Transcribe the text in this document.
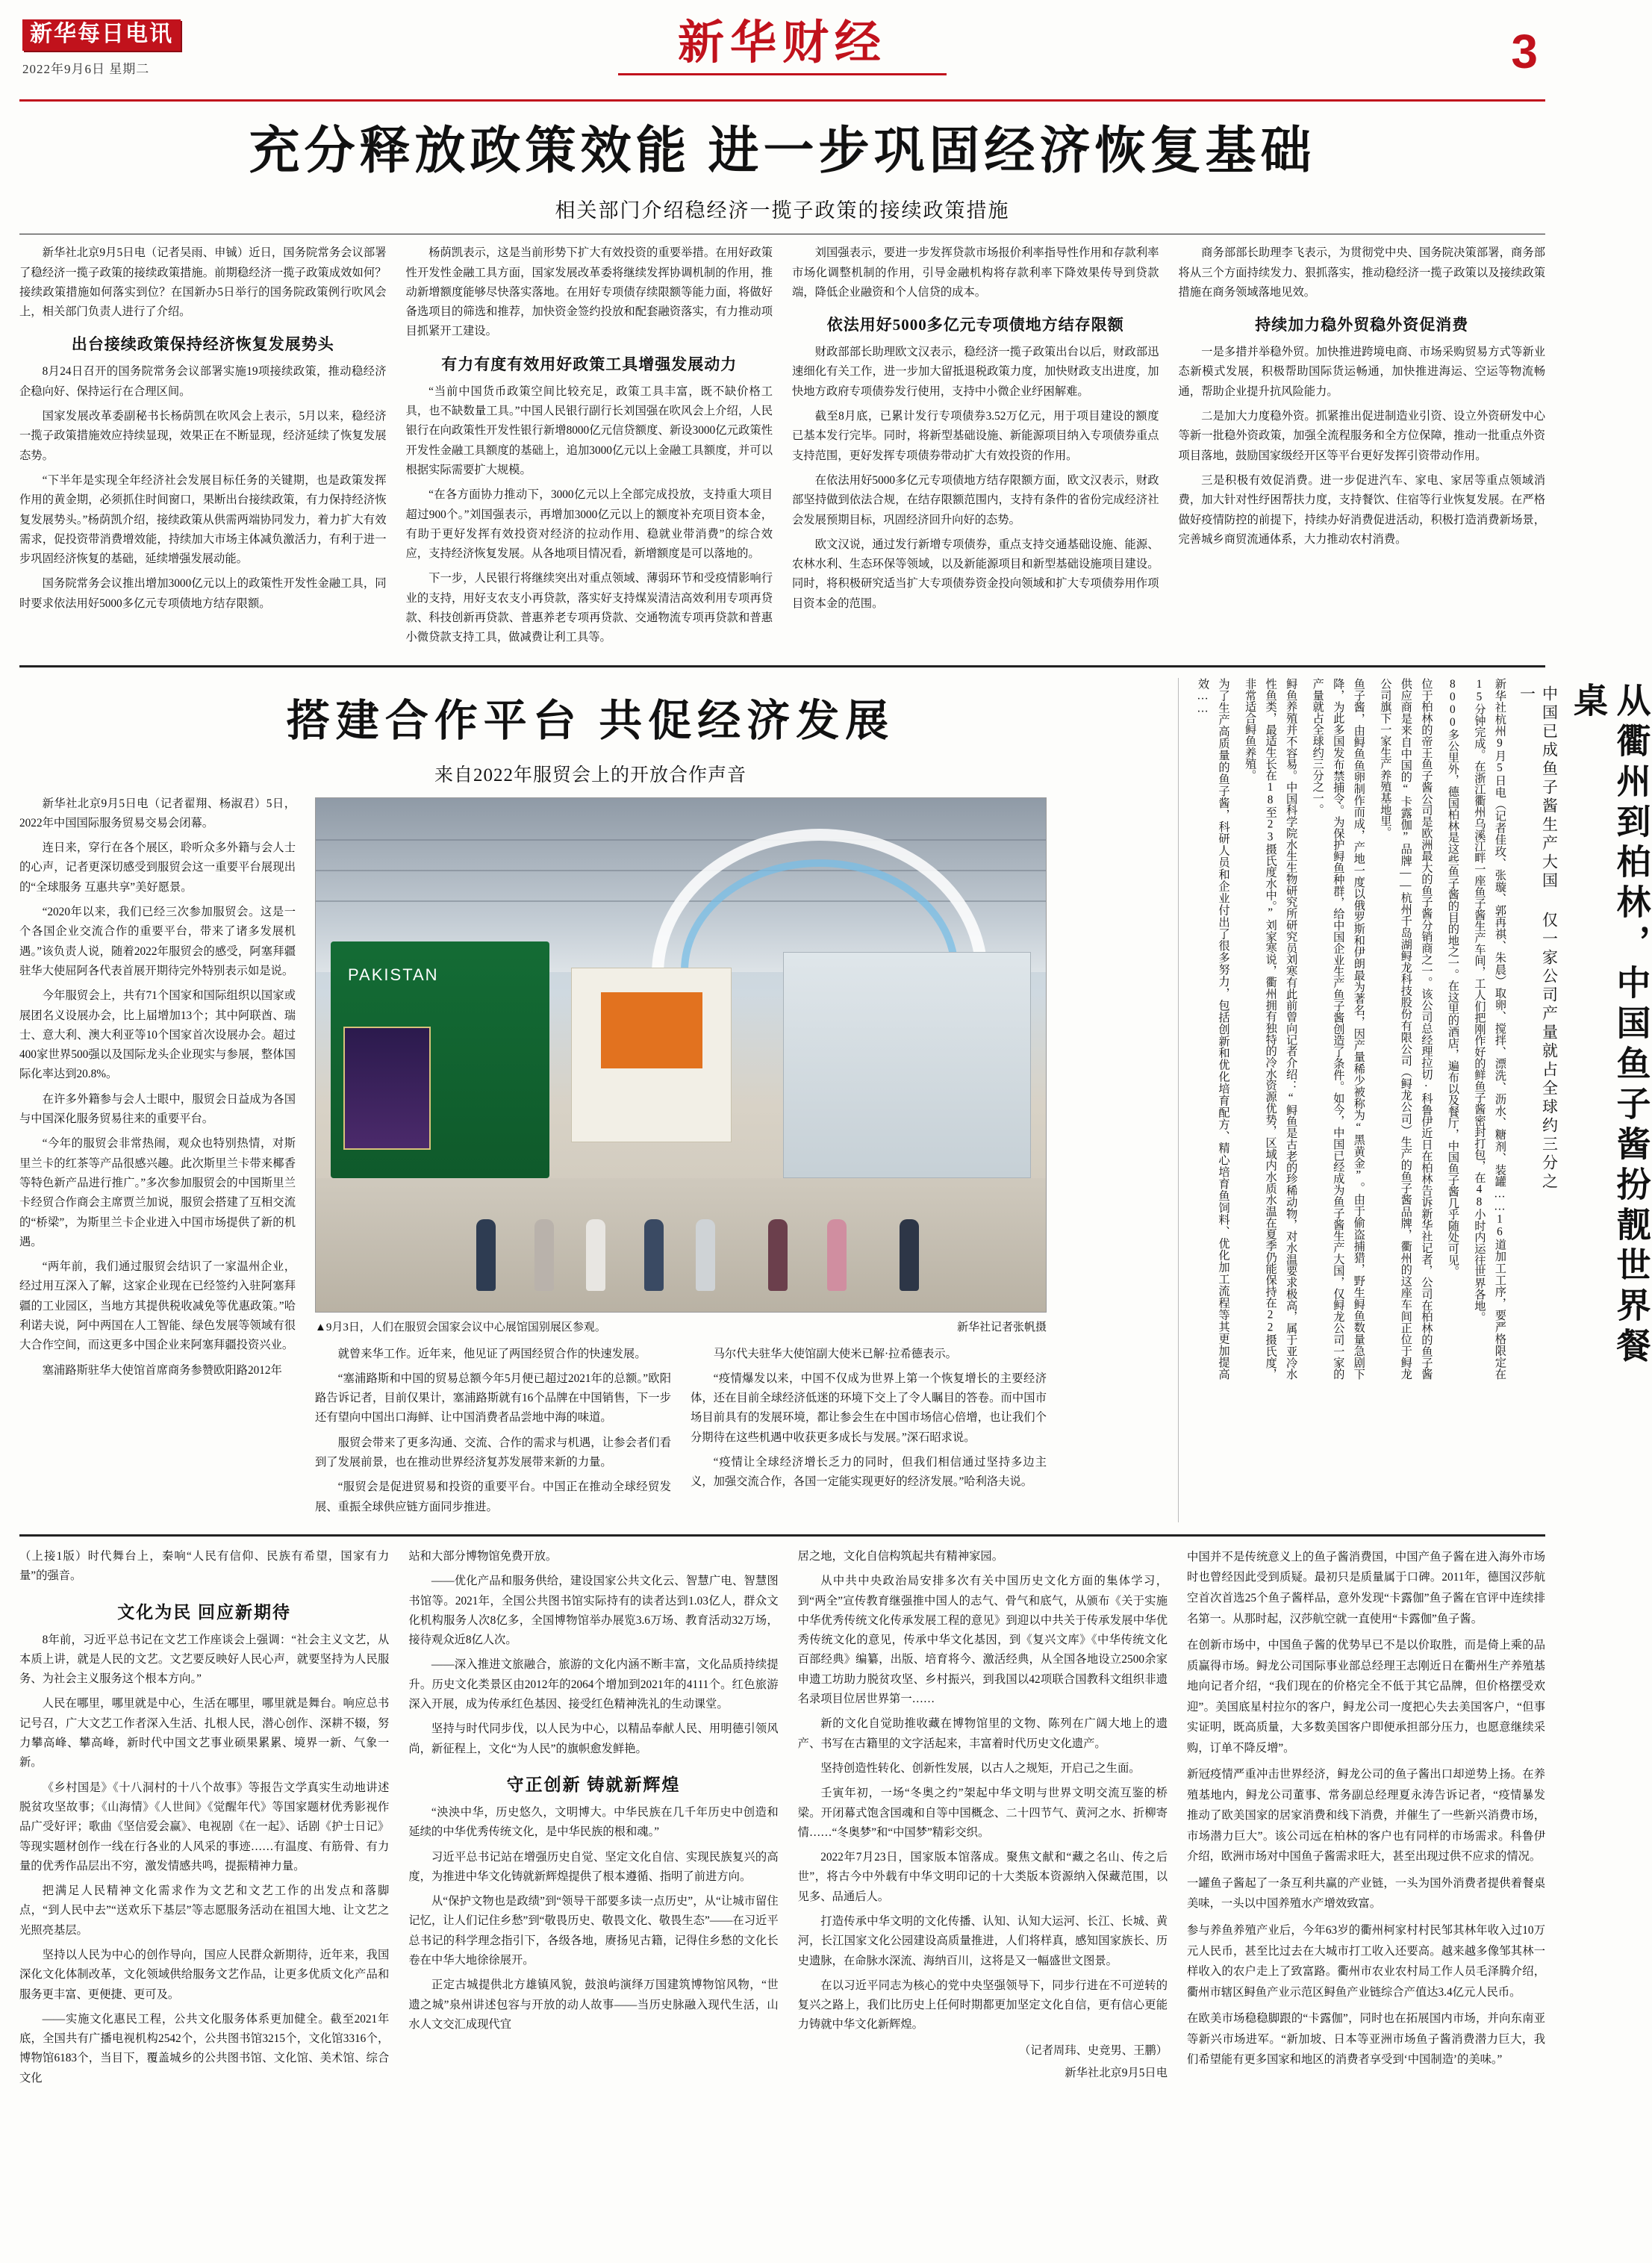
新华每日电讯
2022年9月6日 星期二	新华财经	3
充分释放政策效能 进一步巩固经济恢复基础
相关部门介绍稳经济一揽子政策的接续政策措施

新华社北京9月5日电（记者吴雨、申铖）近日，国务院常务会议部署了稳经济一揽子政策的接续政策措施。前期稳经济一揽子政策成效如何？接续政策措施如何落实到位？在国新办5日举行的国务院政策例行吹风会上，相关部门负责人进行了介绍。

出台接续政策保持经济恢复发展势头

8月24日召开的国务院常务会议部署实施19项接续政策，推动稳经济企稳向好、保持运行在合理区间。

国家发展改革委副秘书长杨荫凯在吹风会上表示，5月以来，稳经济一揽子政策措施效应持续显现，效果正在不断显现，经济延续了恢复发展态势。

“下半年是实现全年经济社会发展目标任务的关键期，也是政策发挥作用的黄金期，必须抓住时间窗口，果断出台接续政策，有力保持经济恢复发展势头。”杨荫凯介绍，接续政策从供需两端协同发力，着力扩大有效需求，促投资带消费增效能，持续加大市场主体减负激活力，有利于进一步巩固经济恢复的基础，延续增强发展动能。

国务院常务会议推出增加3000亿元以上的政策性开发性金融工具，同时要求依法用好5000多亿元专项债地方结存限额。

杨荫凯表示，这是当前形势下扩大有效投资的重要举措。在用好政策性开发性金融工具方面，国家发展改革委将继续发挥协调机制的作用，推动新增额度能够尽快落实落地。在用好专项债存续限额等能力面，将做好备选项目的筛选和推荐，加快资金签约投放和配套融资落实，有力推动项目抓紧开工建设。

有力有度有效用好政策工具增强发展动力

“当前中国货币政策空间比较充足，政策工具丰富，既不缺价格工具，也不缺数量工具。”中国人民银行副行长刘国强在吹风会上介绍，人民银行在向政策性开发性银行新增8000亿元信贷额度、新设3000亿元政策性开发性金融工具额度的基础上，追加3000亿元以上金融工具额度，并可以根据实际需要扩大规模。

“在各方面协力推动下，3000亿元以上全部完成投放，支持重大项目超过900个。”刘国强表示，再增加3000亿元以上的额度补充项目资本金，有助于更好发挥有效投资对经济的拉动作用、稳就业带消费”的综合效应，支持经济恢复发展。从各地项目情况看，新增额度是可以落地的。

下一步，人民银行将继续突出对重点领域、薄弱环节和受疫情影响行业的支持，用好支农支小再贷款，落实好支持煤炭清洁高效利用专项再贷款、科技创新再贷款、普惠养老专项再贷款、交通物流专项再贷款和普惠小微贷款支持工具，做减费让利工具等。

刘国强表示，要进一步发挥贷款市场报价利率指导性作用和存款利率市场化调整机制的作用，引导金融机构将存款利率下降效果传导到贷款端，降低企业融资和个人信贷的成本。

依法用好5000多亿元专项债地方结存限额

财政部部长助理欧文汉表示，稳经济一揽子政策出台以后，财政部迅速细化有关工作，进一步加大留抵退税政策力度，加快财政支出进度，加快地方政府专项债券发行使用，支持中小微企业纾困解难。

截至8月底，已累计发行专项债券3.52万亿元，用于项目建设的额度已基本发行完毕。同时，将新型基础设施、新能源项目纳入专项债券重点支持范围，更好发挥专项债券带动扩大有效投资的作用。

在依法用好5000多亿元专项债地方结存限额方面，欧文汉表示，财政部坚持做到依法合规，在结存限额范围内，支持有条件的省份完成经济社会发展预期目标，巩固经济回升向好的态势。

欧文汉说，通过发行新增专项债券，重点支持交通基础设施、能源、农林水利、生态环保等领域，以及新能源项目和新型基础设施项目建设。同时，将积极研究适当扩大专项债券资金投向领域和扩大专项债券用作项目资本金的范围。

商务部部长助理李飞表示，为贯彻党中央、国务院决策部署，商务部将从三个方面持续发力、狠抓落实，推动稳经济一揽子政策以及接续政策措施在商务领域落地见效。

持续加力稳外贸稳外资促消费

一是多措并举稳外贸。加快推进跨境电商、市场采购贸易方式等新业态新模式发展，积极帮助国际货运畅通，加快推进海运、空运等物流畅通，帮助企业提升抗风险能力。

二是加大力度稳外资。抓紧推出促进制造业引资、设立外资研发中心等新一批稳外资政策，加强全流程服务和全方位保障，推动一批重点外资项目落地，鼓励国家级经开区等平台更好发挥引资带动作用。

三是积极有效促消费。进一步促进汽车、家电、家居等重点领域消费，加大针对性纾困帮扶力度，支持餐饮、住宿等行业恢复发展。在严格做好疫情防控的前提下，持续办好消费促进活动，积极打造消费新场景，完善城乡商贸流通体系，大力推动农村消费。

搭建合作平台 共促经济发展
来自2022年服贸会上的开放合作声音

新华社北京9月5日电（记者翟翔、杨淑君）5日，2022年中国国际服务贸易交易会闭幕。

连日来，穿行在各个展区，聆听众多外籍与会人士的心声，记者更深切感受到服贸会这一重要平台展现出的“全球服务 互惠共享”美好愿景。

“2020年以来，我们已经三次参加服贸会。这是一个各国企业交流合作的重要平台，带来了诸多发展机遇。”该负责人说，随着2022年服贸会的感受，阿塞拜疆驻华大使屈阿各代表首展开期待完外特别表示如是说。

今年服贸会上，共有71个国家和国际组织以国家或展团名义设展办会，比上届增加13个；其中阿联酋、瑞士、意大利、澳大利亚等10个国家首次设展办会。超过400家世界500强以及国际龙头企业现实与参展，整体国际化率达到20.8%。

在许多外籍参与会人士眼中，服贸会日益成为各国与中国深化服务贸易往来的重要平台。

“今年的服贸会非常热闹，观众也特别热情，对斯里兰卡的红茶等产品很感兴趣。此次斯里兰卡带来椰香等特色新产品进行推广。”多次参加服贸会的中国斯里兰卡经贸合作商会主席贾兰加说，服贸会搭建了互相交流的“桥梁”，为斯里兰卡企业进入中国市场提供了新的机遇。

“两年前，我们通过服贸会结识了一家温州企业，经过用互深入了解，这家企业现在已经签约入驻阿塞拜疆的工业园区，当地方其提供税收减免等优惠政策。”哈利诺夫说，阿中两国在人工智能、绿色发展等领域有很大合作空间，而这更多中国企业来阿塞拜疆投资兴业。

塞浦路斯驻华大使馆首席商务参赞欧阳路2012年

PAKISTAN
▲9月3日，人们在服贸会国家会议中心展馆国别展区参观。	新华社记者张帆摄

就曾来华工作。近年来，他见证了两国经贸合作的快速发展。

“塞浦路斯和中国的贸易总额今年5月便已超过2021年的总额。”欧阳路告诉记者，目前仅果计，塞浦路斯就有16个品牌在中国销售，下一步还有望向中国出口海鲜、让中国消费者品尝地中海的味道。

服贸会带来了更多沟通、交流、合作的需求与机遇，让参会者们看到了发展前景，也在推动世界经济复苏发展带来新的力量。

“服贸会是促进贸易和投资的重要平台。中国正在推动全球经贸发展、重振全球供应链方面同步推进。

马尔代夫驻华大使馆副大使米已解·拉希德表示。

“疫情爆发以来，中国不仅成为世界上第一个恢复增长的主要经济体，还在目前全球经济低迷的环境下交上了令人瞩目的答卷。而中国市场目前具有的发展环境，都让参会生在中国市场信心倍增，也让我们个分期待在这些机遇中收获更多成长与发展。”深石昭求说。

“疫情让全球经济增长乏力的同时，但我们相信通过坚持多边主义，加强交流合作，各国一定能实现更好的经济发展。”哈利洛夫说。

从衢州到柏林，中国鱼子酱扮靓世界餐桌
中国已成鱼子酱生产大国 仅一家公司产量就占全球约三分之一
新华社杭州9月5日电（记者佳玫、张璇、郭再祺、朱晨）取卵、搅拌、漂洗、沥水、糖剂、装罐……16道加工工序，要严格限定在15分钟完成。在浙江衢州乌溪江畔一座鱼子酱生产车间，工人们把刚作好的鲜鱼子酱密封打包，在48小时内运往世界各地。
8000多公里外，德国柏林是这些鱼子酱的目的地之一。在这里的酒店，遍布以及餐厅，中国鱼子酱几乎随处可见。
位于柏林的帝王鱼子酱公司是欧洲最大的鱼子酱分销商之一。该公司总经理拉切·科鲁伊近日在柏林告诉新华社记者，公司在柏林的鱼子酱供应商是来自中国的“卡露伽”品牌——杭州千岛湖鲟龙科技股份有限公司（鲟龙公司）生产的鱼子酱品牌，衢州的这座车间正位于鲟龙公司旗下一家生产养殖基地里。
鱼子酱，由鲟鱼鱼卵制作而成，产地一度以俄罗斯和伊朗最为著名，因产量稀少被称为“黑黄金”。由于偷盗捕猎，野生鲟鱼数量急剧下降，为此多国发布禁捕令。为保护鲟鱼种群，给中国企业生产鱼子酱创造了条件。如今，中国已经成为鱼子酱生产大国，仅鲟龙公司一家的产量就占全球约三分之一。
鲟鱼养殖并不容易。中国科学院水生生物研究所研究员刘寒有此前曾向记者介绍：“鲟鱼是古老的珍稀动物，对水温要求极高，属于亚冷水性鱼类，最适生长在18至23摄氏度水中。”刘家寒说，衢州拥有独特的冷水资源优势，区域内水质水温在夏季仍能保持在22摄氏度，非常适合鲟鱼养殖。
为了生产高质量的鱼子酱，科研人员和企业付出了很多努力，包括创新和优化培育配方、精心培育鱼饲料、优化加工流程等其更加提高效……

（上接1版）时代舞台上，秦响“人民有信仰、民族有希望，国家有力量”的强音。

文化为民 回应新期待

8年前，习近平总书记在文艺工作座谈会上强调：“社会主义文艺，从本质上讲，就是人民的文艺。文艺要反映好人民心声，就要坚持为人民服务、为社会主义服务这个根本方向。”

人民在哪里，哪里就是中心，生活在哪里，哪里就是舞台。响应总书记号召，广大文艺工作者深入生活、扎根人民，潜心创作、深耕不辍，努力攀高峰、攀高峰，新时代中国文艺事业硕果累累、境界一新、气象一新。

《乡村国是》《十八洞村的十八个故事》等报告文学真实生动地讲述脱贫攻坚故事；《山海情》《人世间》《觉醒年代》等国家题材优秀影视作品广受好评；歌曲《坚信爱会赢》、电视剧《在一起》、话剧《护士日记》等现实题材创作一线在行各业的人风采的事迹……有温度、有筋骨、有力量的优秀作品层出不穷，激发情感共鸣，提振精神力量。

把满足人民精神文化需求作为文艺和文艺工作的出发点和落脚点，“到人民中去”“送欢乐下基层”等志愿服务活动在祖国大地、让文艺之光照亮基层。

坚持以人民为中心的创作导向，国应人民群众新期待，近年来，我国深化文化体制改革，文化领域供给服务文艺作品，让更多优质文化产品和服务更丰富、更便捷、更可及。

——实施文化惠民工程，公共文化服务体系更加健全。截至2021年底，全国共有广播电视机构2542个，公共图书馆3215个，文化馆3316个，博物馆6183个，当目下，覆盖城乡的公共图书馆、文化馆、美术馆、综合文化

站和大部分博物馆免费开放。

——优化产品和服务供给，建设国家公共文化云、智慧广电、智慧图书馆等。2021年，全国公共图书馆实际持有的读者达到1.03亿人，群众文化机构服务人次8亿多，全国博物馆举办展览3.6万场、教育活动32万场，接待观众近8亿人次。

——深入推进文旅融合，旅游的文化内涵不断丰富，文化品质持续提升。历史文化类景区由2012年的2064个增加到2021年的4111个。红色旅游深入开展，成为传承红色基因、接受红色精神洗礼的生动课堂。

坚持与时代同步伐，以人民为中心，以精品奉献人民、用明德引领风尚，新征程上，文化“为人民”的旗帜愈发鲜艳。

守正创新 铸就新辉煌

“泱泱中华，历史悠久，文明博大。中华民族在几千年历史中创造和延续的中华优秀传统文化，是中华民族的根和魂。”

习近平总书记站在增强历史自觉、坚定文化自信、实现民族复兴的高度，为推进中华文化铸就新辉煌提供了根本遵循、指明了前进方向。

从“保护文物也是政绩”到“领导干部要多读一点历史”，从“让城市留住记忆，让人们记住乡愁”到“敬畏历史、敬畏文化、敬畏生态”——在习近平总书记的科学理念指引下，各级各地，赓扬见古籍，记得住乡愁的文化长卷在中华大地徐徐展开。

正定古城提供北方雄镇风貌，鼓浪屿演绎万国建筑博物馆风物，“世遗之城”泉州讲述包容与开放的动人故事——当历史脉融入现代生活，山水人文交汇成现代宜

居之地，文化自信构筑起共有精神家园。

从中共中央政治局安排多次有关中国历史文化方面的集体学习，到“两全”宣传教育继强推中国人的志气、骨气和底气，从颁布《关于实施中华优秀传统文化传承发展工程的意见》到迎以中共关于传承发展中华优秀传统文化的意见，传承中华文化基因，到《复兴文库》《中华传统文化百部经典》编纂，出版、培育将今、激活经典，从全国各地设立2500余家申遗工坊助力脱贫攻坚、乡村振兴，到我国以42项联合国教科文组织非遗名录项目位居世界第一……

新的文化自觉助推收藏在博物馆里的文物、陈列在广阔大地上的遗产、书写在古籍里的文字活起来，丰富着时代历史文化遗产。

坚持创造性转化、创新性发展，以古人之规矩，开启己之生面。

壬寅年初，一场“冬奥之约”架起中华文明与世界文明交流互鉴的桥梁。开闭幕式饱含国魂和自等中国概念、二十四节气、黄河之水、折柳寄情……“冬奥梦”和“中国梦”精彩交织。

2022年7月23日，国家版本馆落成。聚焦文献和“藏之名山、传之后世”，将古今中外载有中华文明印记的十大类版本资源纳入保藏范围，以见多、品通后人。

打造传承中华文明的文化传播、认知、认知大运河、长江、长城、黄河，长江国家文化公园建设高质量推进，人们将样真，感知国家族长、历史遗脉，在命脉水深流、海纳百川，这将是又一幅盛世文图景。

在以习近平同志为核心的党中央坚强领导下，同步行进在不可逆转的复兴之路上，我们比历史上任何时期都更加坚定文化自信，更有信心更能力铸就中华文化新辉煌。

（记者周玮、史竞男、王鹏）
新华社北京9月5日电
中国并不是传统意义上的鱼子酱消费国，中国产鱼子酱在进入海外市场时也曾经因此受到质疑。最初只是质量属于口碑。2011年，德国汉莎航空首次首选25个鱼子酱样品，意外发现“卡露伽”鱼子酱在官评中连续排名第一。从那时起，汉莎航空就一直使用“卡露伽”鱼子酱。
在创新市场中，中国鱼子酱的优势早已不是以价取胜，而是倚上乘的品质赢得市场。鲟龙公司国际事业部总经理王志刚近日在衢州生产养殖基地向记者介绍，“我们现在的价格完全不低于其它品牌，但价格摆受欢迎”。美国底星村拉尔的客户，鲟龙公司一度把心失去美国客户，“但事实证明，既高质量，大多数美国客户即便承担部分压力，也愿意继续采购，订单不降反增”。
新冠疫情严重冲击世界经济，鲟龙公司的鱼子酱出口却逆势上扬。在养殖基地内，鲟龙公司董事、常务副总经理夏永涛告诉记者，“疫情暴发推动了欧美国家的居家消费和线下消费，并催生了一些新兴消费市场，市场潜力巨大”。该公司远在柏林的客户也有同样的市场需求。科鲁伊介绍，欧洲市场对中国鱼子酱需求旺大，甚至出现过供不应求的情况。
一罐鱼子酱起了一条互利共赢的产业链，一头为国外消费者提供着餐桌美味，一头以中国养殖水产增效致富。
参与养鱼养殖产业后，今年63岁的衢州柯家村村民邹其林年收入过10万元人民币，甚至比过去在大城市打工收入还要高。越来越多像邹其林一样收入的农户走上了致富路。衢州市农业农村局工作人员毛泽腾介绍，衢州市辖区鲟鱼产业示范区鲟鱼产业链综合产值达3.4亿元人民币。
在欧美市场稳稳脚跟的“卡露伽”，同时也在拓展国内市场，并向东南亚等新兴市场进军。“新加坡、日本等亚洲市场鱼子酱消费潜力巨大，我们希望能有更多国家和地区的消费者享受到‘中国制造’的美味。”
